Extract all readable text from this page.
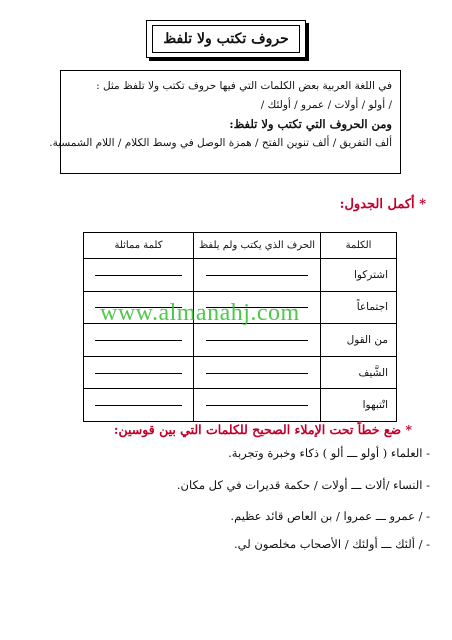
حروف تكتب ولا تلفظ
في اللغة العربية بعض الكلمات التي فيها حروف تكتب ولا تلفظ مثل :
/ أولو / أولات / عمرو / أولئك /
ومن الحروف التي تكتب ولا تلفظ:
ألف التفريق / ألف تنوين الفتح / همزة الوصل في وسط الكلام / اللام الشمسية.
* أكمل الجدول:
الكلمة	الحرف الذي يكتب ولم يلفظ	كلمة مماثلة
اشتركوا		
اجتماعاً		
من القول		
الشَّيف		
انْتبهوا		
www.almanahj.com
* ضع خطاً تحت الإملاء الصحيح للكلمات التي بين قوسين:
- العلماء ( أولو ـــ ألو ) ذكاء وخبرة وتجربة.
- النساء /ألات ـــ أولات / حكمة قديرات في كل مكان.
- / عمرو ـــ عمروا / بن العاص قائد عظيم.
- / ألئك ـــ أولئك / الأصحاب مخلصون لي.
